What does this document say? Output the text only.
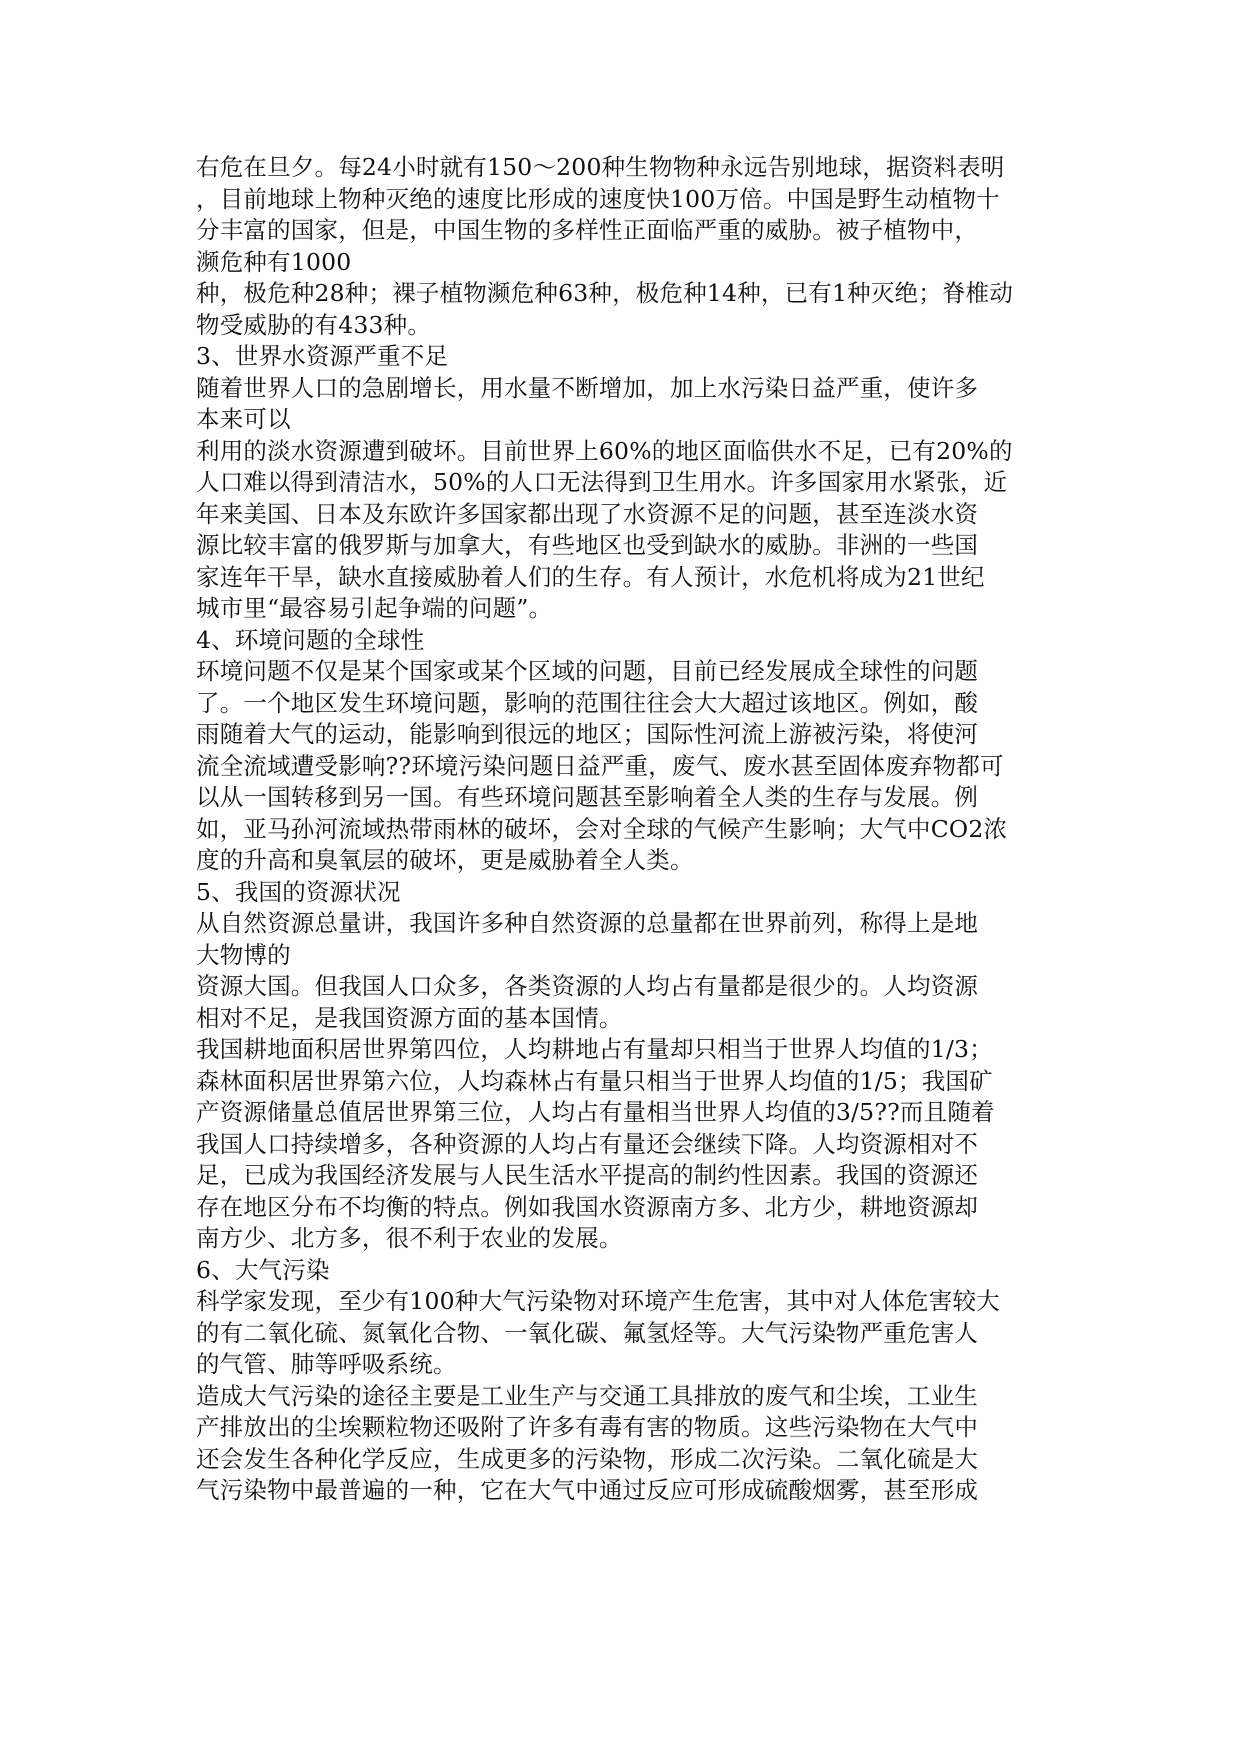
右危在旦夕。每24小时就有150～200种生物物种永远告别地球，据资料表明
，目前地球上物种灭绝的速度比形成的速度快100万倍。中国是野生动植物十
分丰富的国家，但是，中国生物的多样性正面临严重的威胁。被子植物中，
濒危种有1000
种，极危种28种；裸子植物濒危种63种，极危种14种，已有1种灭绝；脊椎动
物受威胁的有433种。
3、世界水资源严重不足
随着世界人口的急剧增长，用水量不断增加，加上水污染日益严重，使许多
本来可以
利用的淡水资源遭到破坏。目前世界上60%的地区面临供水不足，已有20%的
人口难以得到清洁水，50%的人口无法得到卫生用水。许多国家用水紧张，近
年来美国、日本及东欧许多国家都出现了水资源不足的问题，甚至连淡水资
源比较丰富的俄罗斯与加拿大，有些地区也受到缺水的威胁。非洲的一些国
家连年干旱，缺水直接威胁着人们的生存。有人预计，水危机将成为21世纪
城市里“最容易引起争端的问题”。
4、环境问题的全球性
环境问题不仅是某个国家或某个区域的问题，目前已经发展成全球性的问题
了。一个地区发生环境问题，影响的范围往往会大大超过该地区。例如，酸
雨随着大气的运动，能影响到很远的地区；国际性河流上游被污染，将使河
流全流域遭受影响??环境污染问题日益严重，废气、废水甚至固体废弃物都可
以从一国转移到另一国。有些环境问题甚至影响着全人类的生存与发展。例
如，亚马孙河流域热带雨林的破坏，会对全球的气候产生影响；大气中CO2浓
度的升高和臭氧层的破坏，更是威胁着全人类。
5、我国的资源状况
从自然资源总量讲，我国许多种自然资源的总量都在世界前列，称得上是地
大物博的
资源大国。但我国人口众多，各类资源的人均占有量都是很少的。人均资源
相对不足，是我国资源方面的基本国情。
我国耕地面积居世界第四位，人均耕地占有量却只相当于世界人均值的1/3；
森林面积居世界第六位，人均森林占有量只相当于世界人均值的1/5；我国矿
产资源储量总值居世界第三位，人均占有量相当世界人均值的3/5??而且随着
我国人口持续增多，各种资源的人均占有量还会继续下降。人均资源相对不
足，已成为我国经济发展与人民生活水平提高的制约性因素。我国的资源还
存在地区分布不均衡的特点。例如我国水资源南方多、北方少，耕地资源却
南方少、北方多，很不利于农业的发展。
6、大气污染
科学家发现，至少有100种大气污染物对环境产生危害，其中对人体危害较大
的有二氧化硫、氮氧化合物、一氧化碳、氟氢烃等。大气污染物严重危害人
的气管、肺等呼吸系统。
造成大气污染的途径主要是工业生产与交通工具排放的废气和尘埃，工业生
产排放出的尘埃颗粒物还吸附了许多有毒有害的物质。这些污染物在大气中
还会发生各种化学反应，生成更多的污染物，形成二次污染。二氧化硫是大
气污染物中最普遍的一种，它在大气中通过反应可形成硫酸烟雾，甚至形成
